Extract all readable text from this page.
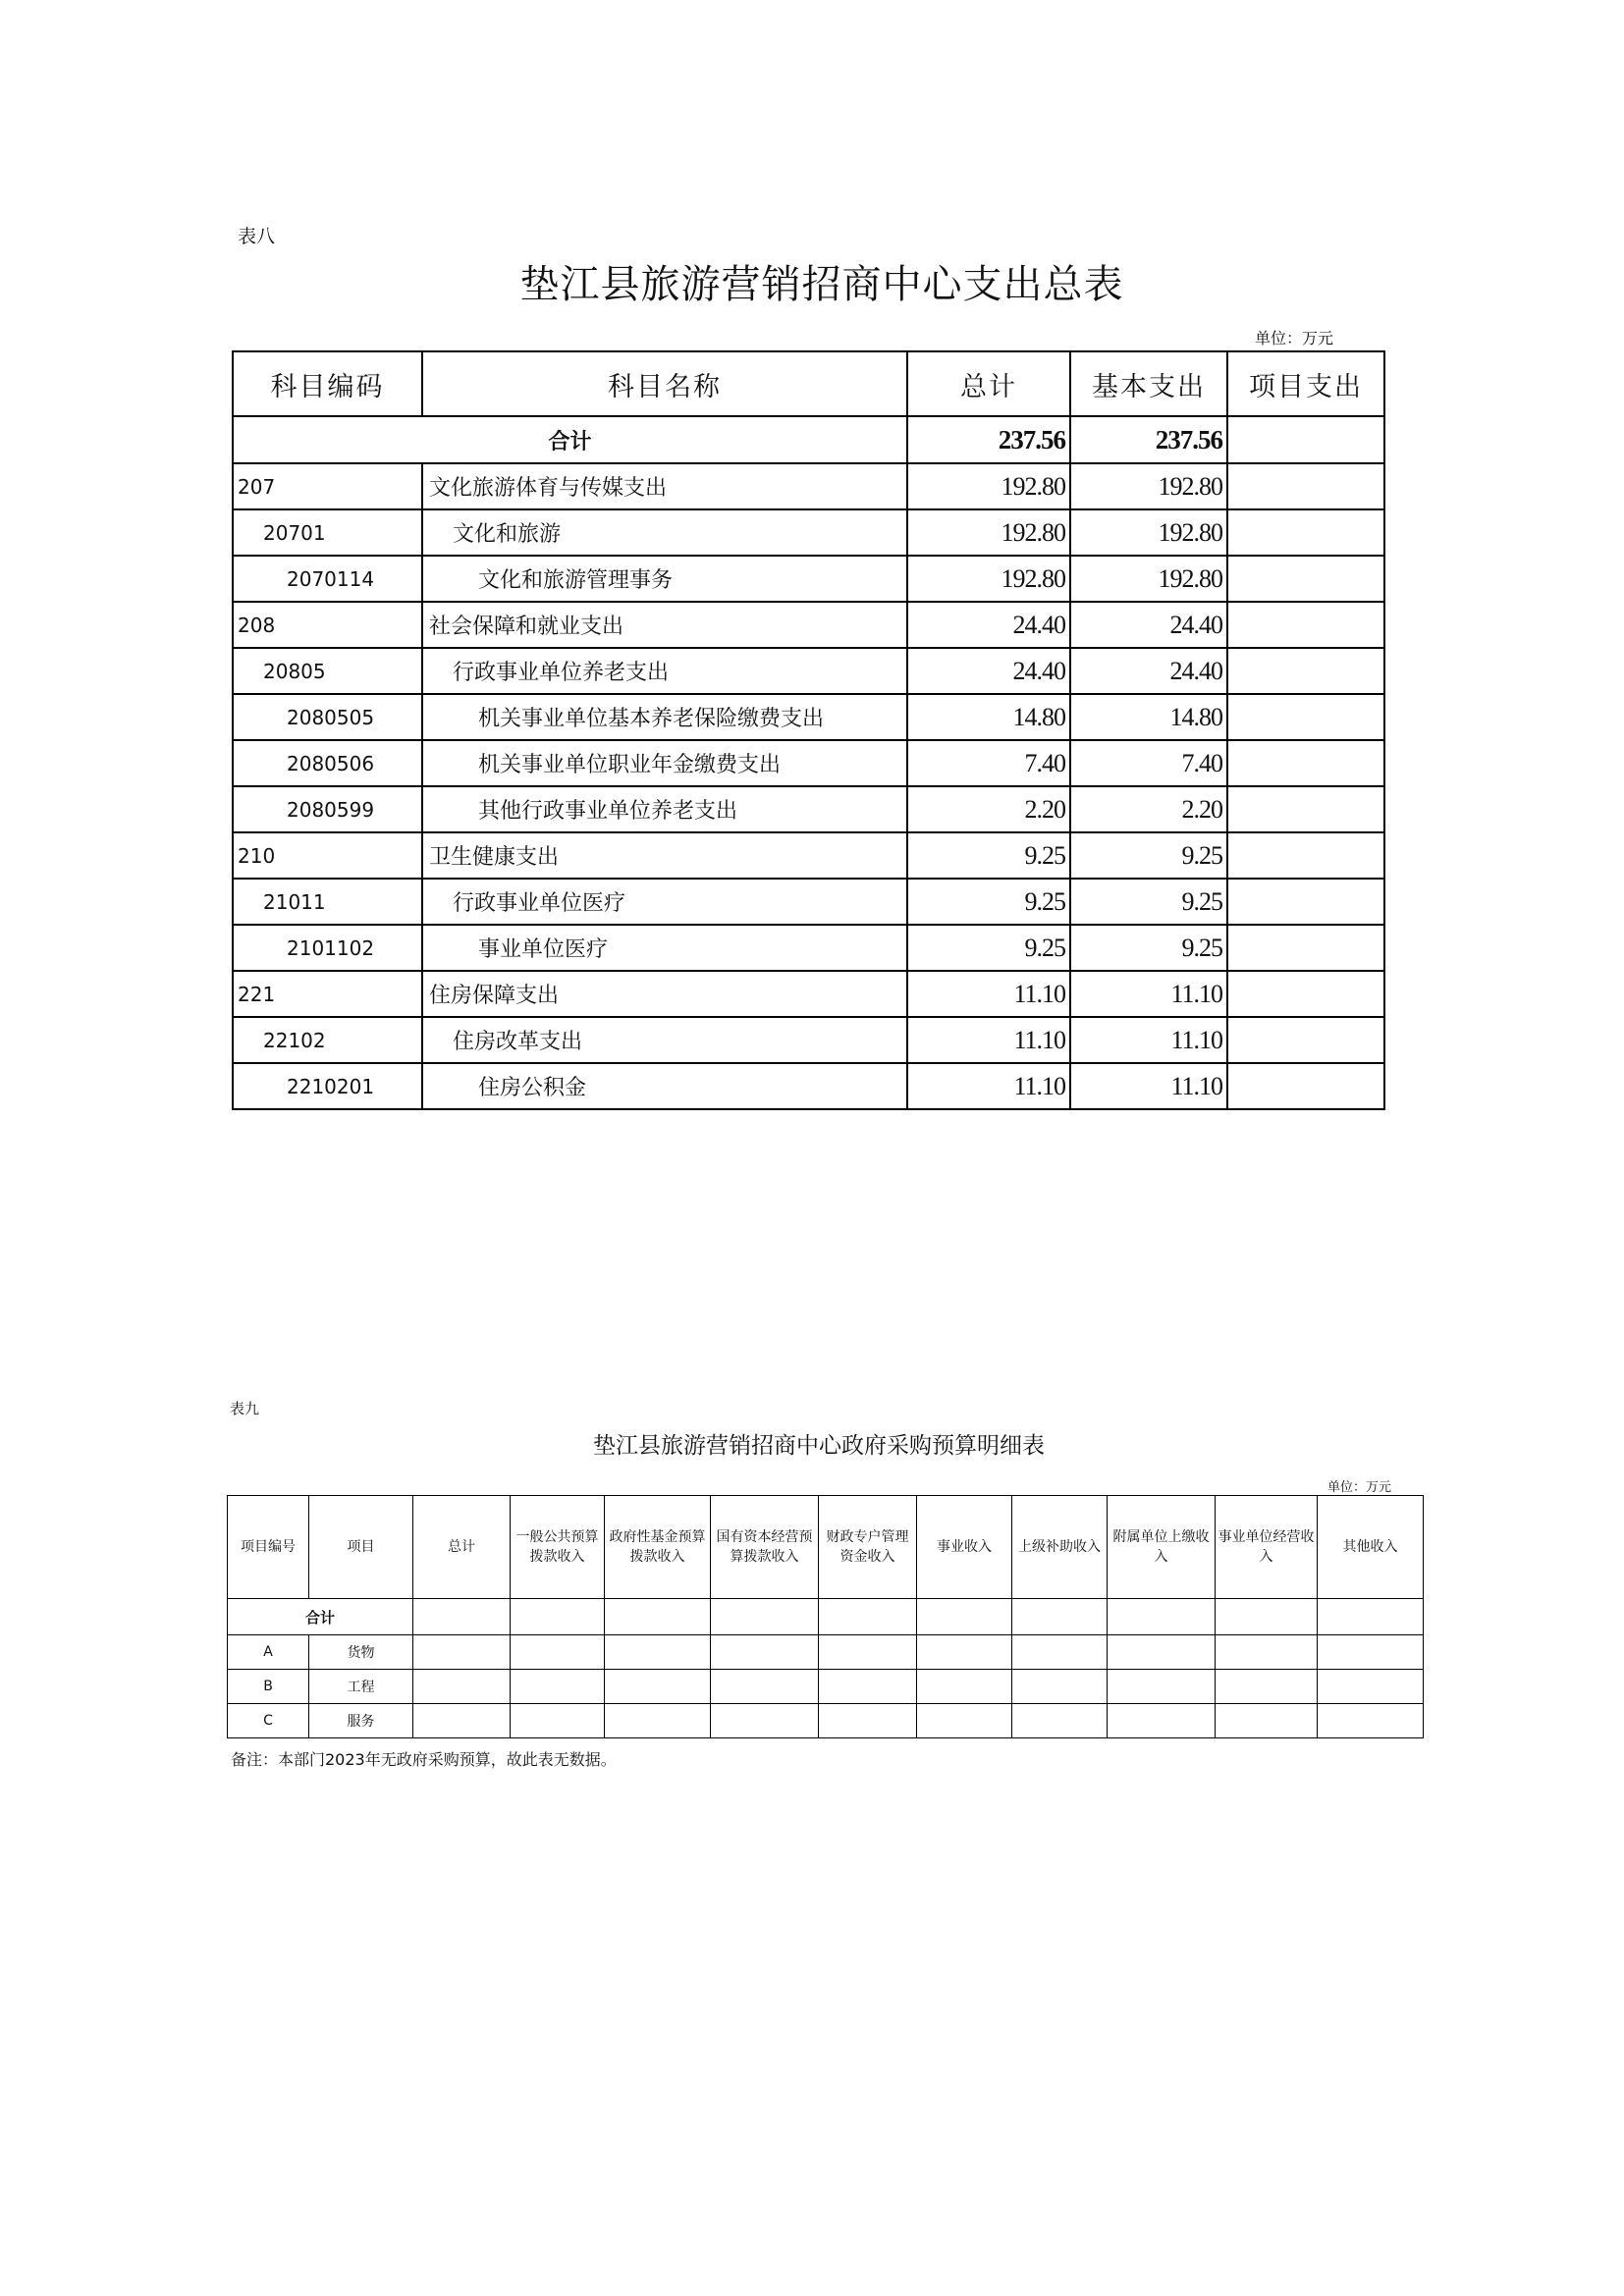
表八
垫江县旅游营销招商中心支出总表
单位：万元
科目编码	科目名称	总计	基本支出	项目支出
合计		237.56	237.56	
207	文化旅游体育与传媒支出	192.80	192.80	
20701	文化和旅游	192.80	192.80	
2070114	文化和旅游管理事务	192.80	192.80	
208	社会保障和就业支出	24.40	24.40	
20805	行政事业单位养老支出	24.40	24.40	
2080505	机关事业单位基本养老保险缴费支出	14.80	14.80	
2080506	机关事业单位职业年金缴费支出	7.40	7.40	
2080599	其他行政事业单位养老支出	2.20	2.20	
210	卫生健康支出	9.25	9.25	
21011	行政事业单位医疗	9.25	9.25	
2101102	事业单位医疗	9.25	9.25	
221	住房保障支出	11.10	11.10	
22102	住房改革支出	11.10	11.10	
2210201	住房公积金	11.10	11.10	
表九
垫江县旅游营销招商中心政府采购预算明细表
单位：万元
项目编号	项目	总计	一般公共预算拨款收入	政府性基金预算拨款收入	国有资本经营预算拨款收入	财政专户管理资金收入	事业收入	上级补助收入	附属单位上缴收入	事业单位经营收入	其他收入
合计											
A	货物										
B	工程										
C	服务										
备注：本部门2023年无政府采购预算，故此表无数据。
